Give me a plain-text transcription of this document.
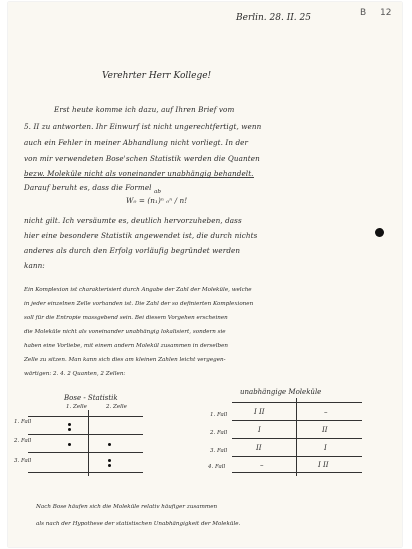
B 12
Berlin. 28. II. 25
Verehrter Herr Kollege!
Erst heute komme ich dazu, auf Ihren Brief vom
5. II zu antworten. Ihr Einwurf ist nicht ungerechtfertigt, wenn
auch ein Fehler in meiner Abhandlung nicht vorliegt. In der
von mir verwendeten Bose'schen Statistik werden die Quanten
bezw. Moleküle nicht als voneinander unabhängig behandelt.
Darauf beruht es, dass die Formel ab
W₀ = (n₁)ⁿ ₀ⁿ / n!
nicht gilt. Ich versäumte es, deutlich hervorzuheben, dass
hier eine besondere Statistik angewendet ist, die durch nichts
anderes als durch den Erfolg vorläufig begründet werden
kann:
Ein Komplexion ist charakterisiert durch Angabe der Zahl der Moleküle, welche
in jeder einzelnen Zelle vorhanden ist. Die Zahl der so definierten Komplexionen
soll für die Entropie massgebend sein. Bei diesem Vorgehen erscheinen
die Moleküle nicht als voneinander unabhängig lokalisiert, sondern sie
haben eine Vorliebe, mit einem andern Molekül zusammen in derselben
Zelle zu sitzen. Man kann sich dies am kleinen Zahlen leicht vergegen-
wärtigen: 2. 4. 2 Quanten, 2 Zellen:
Bose - Statistik
1. Zelle	2. Zelle
1. Fall
2. Fall
3. Fall
unabhängige Moleküle
1. Fall
2. Fall
3. Fall
4. Fall
I II
I
II
–
II
I
I II
–
Nach Bose häufen sich die Moleküle relativ häufiger zusammen
als nach der Hypothese der statistischen Unabhängigkeit der Moleküle.
